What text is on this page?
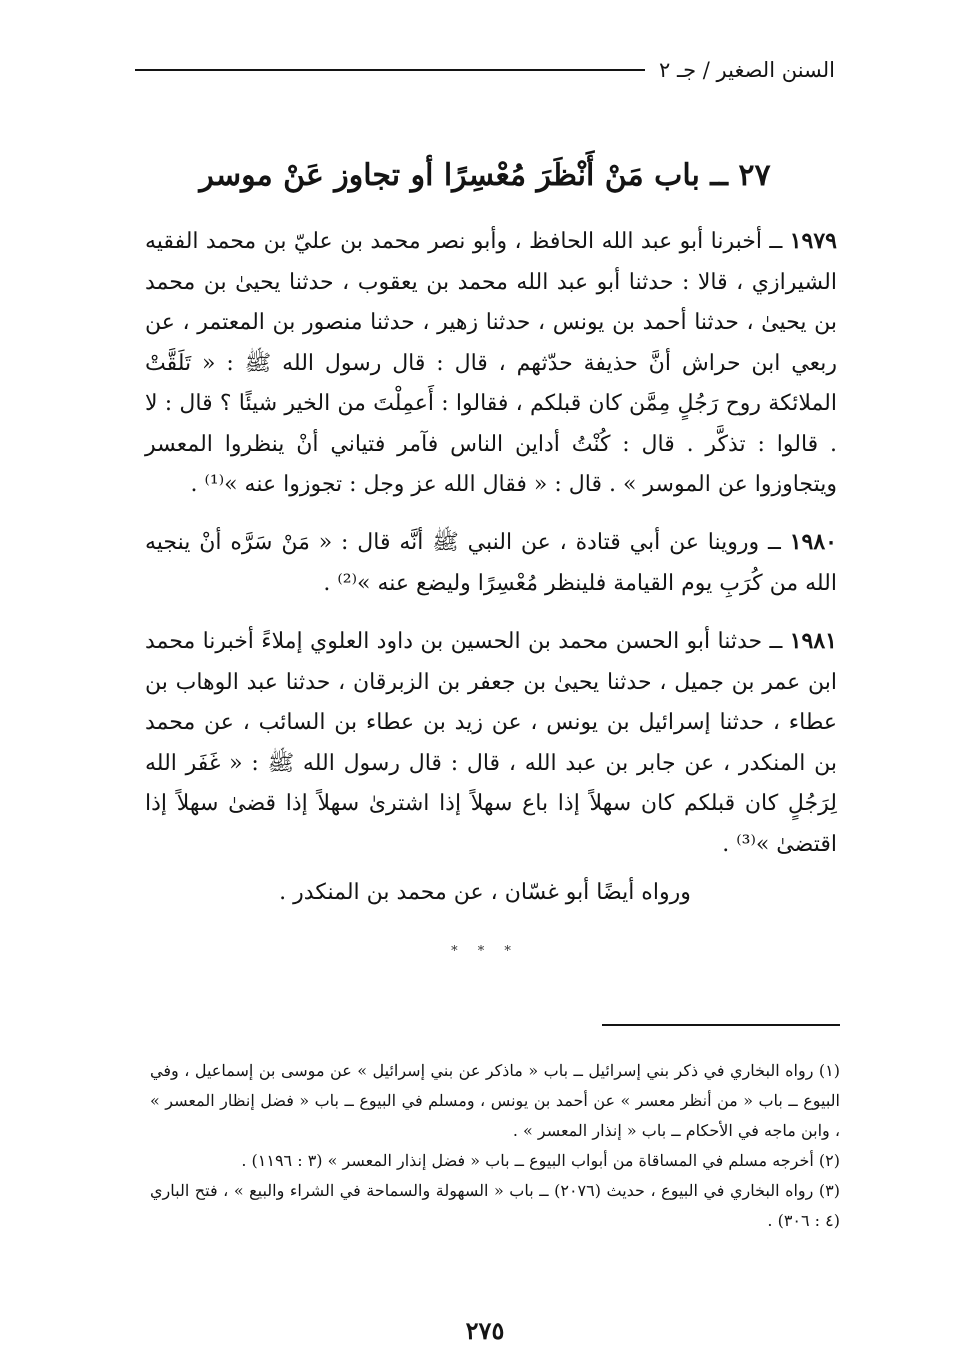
السنن الصغير / جـ ٢
٢٧ ــ باب مَنْ أَنْظَرَ مُعْسِرًا أو تجاوز عَنْ موسر
١٩٧٩ ــ أخبرنا أبو عبد الله الحافظ ، وأبو نصر محمد بن عليّ بن محمد الفقيه الشيرازي ، قالا : حدثنا أبو عبد الله محمد بن يعقوب ، حدثنا يحيىٰ بن محمد بن يحيىٰ ، حدثنا أحمد بن يونس ، حدثنا زهير ، حدثنا منصور بن المعتمر ، عن ربعي ابن حراش أنَّ حذيفة حدّثهم ، قال : قال رسول الله ﷺ : « تَلَقَّتْ الملائكة روح رَجُلٍ مِمَّن كان قبلكم ، فقالوا : أَعمِلْتَ من الخير شيئًا ؟ قال : لا . قالوا : تذكَّر . قال : كُنْتُ أداين الناس فآمر فتياني أنْ ينظروا المعسر ويتجاوزوا عن الموسر » . قال : « فقال الله عز وجل : تجوزوا عنه »⁽¹⁾ .
١٩٨٠ ــ وروينا عن أبي قتادة ، عن النبي ﷺ أنَّه قال : « مَنْ سَرَّه أنْ ينجيه الله من كُرَبِ يوم القيامة فلينظر مُعْسِرًا وليضع عنه »⁽²⁾ .
١٩٨١ ــ حدثنا أبو الحسن محمد بن الحسين بن داود العلوي إملاءً أخبرنا محمد ابن عمر بن جميل ، حدثنا يحيىٰ بن جعفر بن الزبرقان ، حدثنا عبد الوهاب بن عطاء ، حدثنا إسرائيل بن يونس ، عن زيد بن عطاء بن السائب ، عن محمد بن المنكدر ، عن جابر بن عبد الله ، قال : قال رسول الله ﷺ : « غَفَر الله لِرَجُلٍ كان قبلكم كان سهلاً إذا باع سهلاً إذا اشترىٰ سهلاً إذا قضىٰ سهلاً إذا اقتضىٰ »⁽³⁾ .
ورواه أيضًا أبو غسّان ، عن محمد بن المنكدر .
* * *

(١) رواه البخاري في ذكر بني إسرائيل ــ باب « ماذكر عن بني إسرائيل » عن موسى بن إسماعيل ، وفي البيوع ــ باب « من أنظر معسر » عن أحمد بن يونس ، ومسلم في البيوع ــ باب « فضل إنظار المعسر » ، وابن ماجه في الأحكام ــ باب « إنذار المعسر » .

(٢) أخرجه مسلم في المساقاة من أبواب البيوع ــ باب « فضل إنذار المعسر » (٣ : ١١٩٦) .

(٣) رواه البخاري في البيوع ، حديث (٢٠٧٦) ــ باب « السهولة والسماحة في الشراء والبيع » ، فتح الباري (٤ : ٣٠٦) .

٢٧٥
